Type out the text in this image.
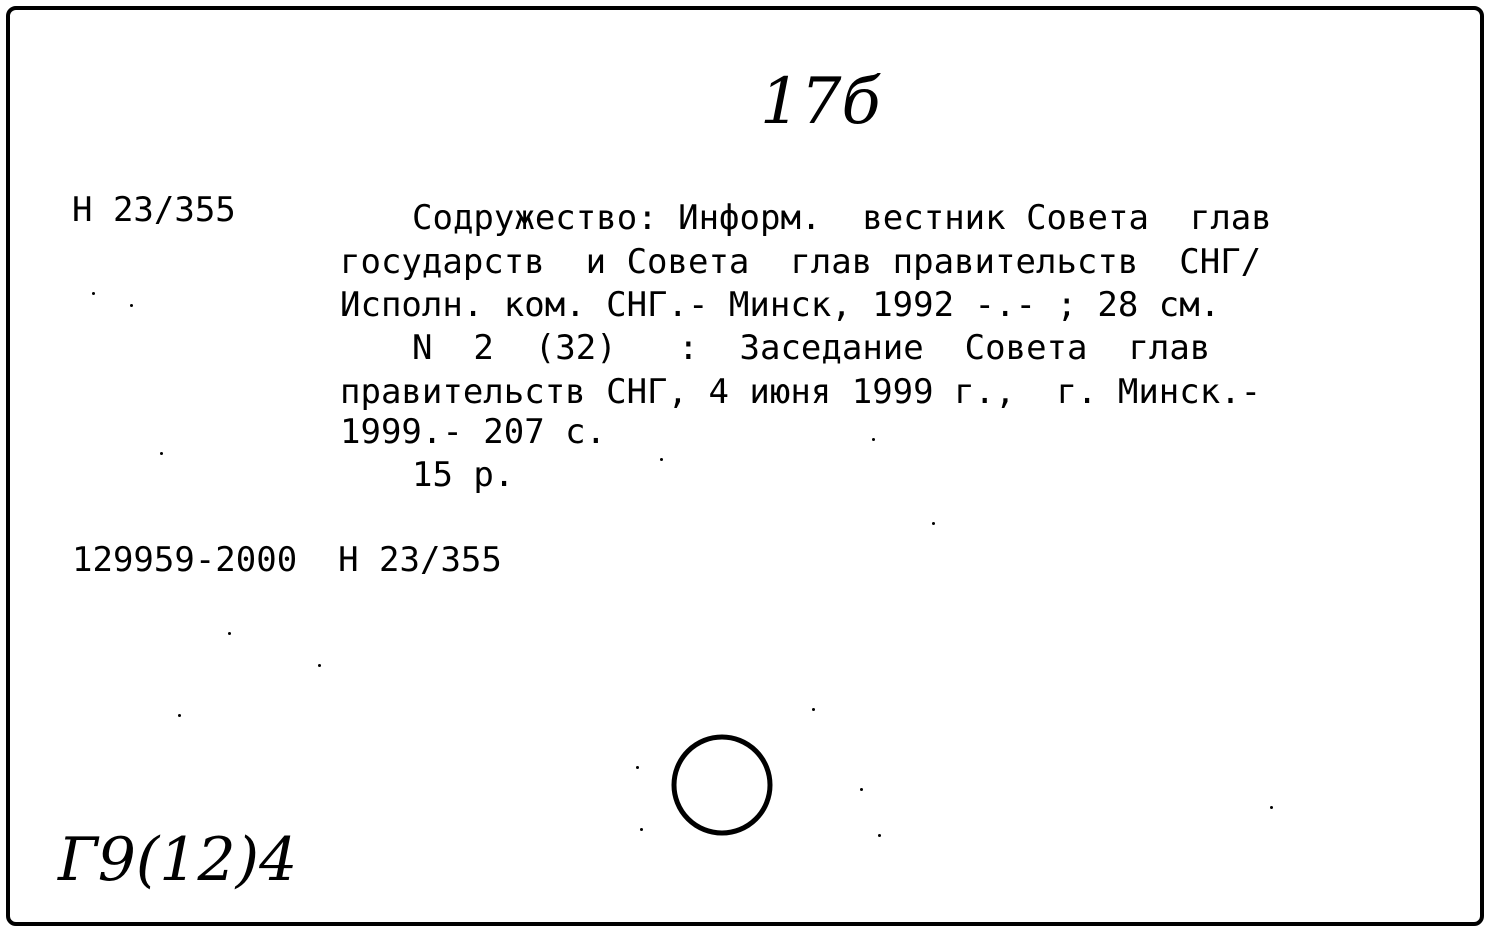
17б
Н 23/355	Содружество: Информ.  вестник Совета  глав
государств  и Совета  глав правительств  СНГ/
Исполн. ком. СНГ.- Минск, 1992 -.- ; 28 см.
N  2  (32)   :  Заседание  Совета  глав
правительств СНГ, 4 июня 1999 г.,  г. Минск.-
1999.- 207 с.
15 р.
129959-2000  Н 23/355
Г9(12)4
